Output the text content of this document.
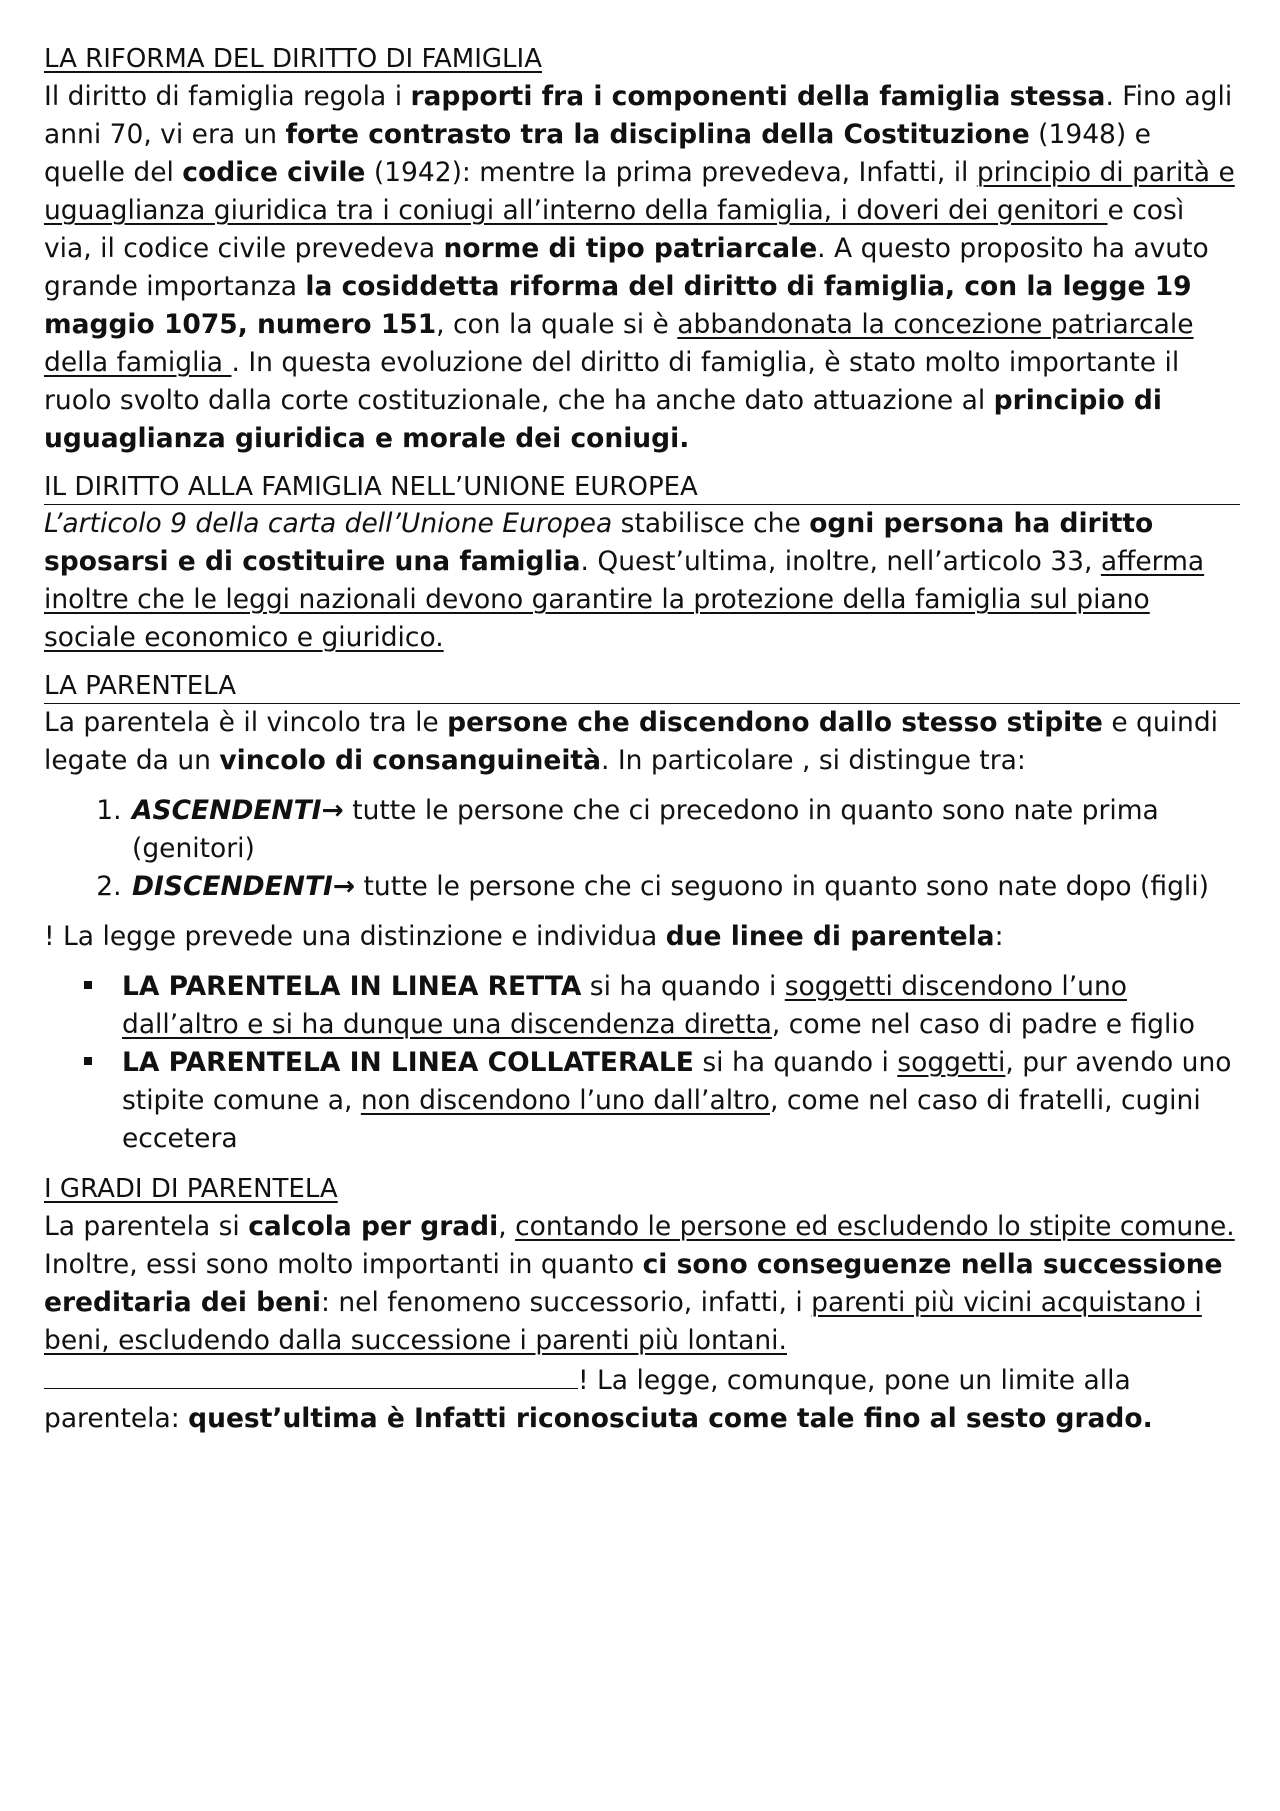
LA RIFORMA DEL DIRITTO DI FAMIGLIA

Il diritto di famiglia regola i rapporti fra i componenti della famiglia stessa. Fino agli anni 70, vi era un forte contrasto tra la disciplina della Costituzione (1948) e quelle del codice civile (1942): mentre la prima prevedeva, Infatti, il principio di parità e uguaglianza giuridica tra i coniugi all’interno della famiglia, i doveri dei genitori e così via, il codice civile prevedeva norme di tipo patriarcale. A questo proposito ha avuto grande importanza la cosiddetta riforma del diritto di famiglia, con la legge 19 maggio 1075, numero 151, con la quale si è abbandonata la concezione patriarcale della famiglia . In questa evoluzione del diritto di famiglia, è stato molto importante il ruolo svolto dalla corte costituzionale, che ha anche dato attuazione al principio di uguaglianza giuridica e morale dei coniugi.

IL DIRITTO ALLA FAMIGLIA NELL’UNIONE EUROPEA

L’articolo 9 della carta dell’Unione Europea stabilisce che ogni persona ha diritto sposarsi e di costituire una famiglia. Quest’ultima, inoltre, nell’articolo 33, afferma inoltre che le leggi nazionali devono garantire la protezione della famiglia sul piano sociale economico e giuridico.

LA PARENTELA

La parentela è il vincolo tra le persone che discendono dallo stesso stipite e quindi legate da un vincolo di consanguineità. In particolare , si distingue tra:

1. ASCENDENTI→ tutte le persone che ci precedono in quanto sono nate prima (genitori)
2. DISCENDENTI→ tutte le persone che ci seguono in quanto sono nate dopo (figli)

! La legge prevede una distinzione e individua due linee di parentela:

LA PARENTELA IN LINEA RETTA si ha quando i soggetti discendono l’uno dall’altro e si ha dunque una discendenza diretta, come nel caso di padre e figlio
LA PARENTELA IN LINEA COLLATERALE si ha quando i soggetti, pur avendo uno stipite comune a, non discendono l’uno dall’altro, come nel caso di fratelli, cugini eccetera

I GRADI DI PARENTELA

La parentela si calcola per gradi, contando le persone ed escludendo lo stipite comune. Inoltre, essi sono molto importanti in quanto ci sono conseguenze nella successione ereditaria dei beni: nel fenomeno successorio, infatti, i parenti più vicini acquistano i beni, escludendo dalla successione i parenti più lontani.! La legge, comunque, pone un limite alla parentela: quest’ultima è Infatti riconosciuta come tale fino al sesto grado.
